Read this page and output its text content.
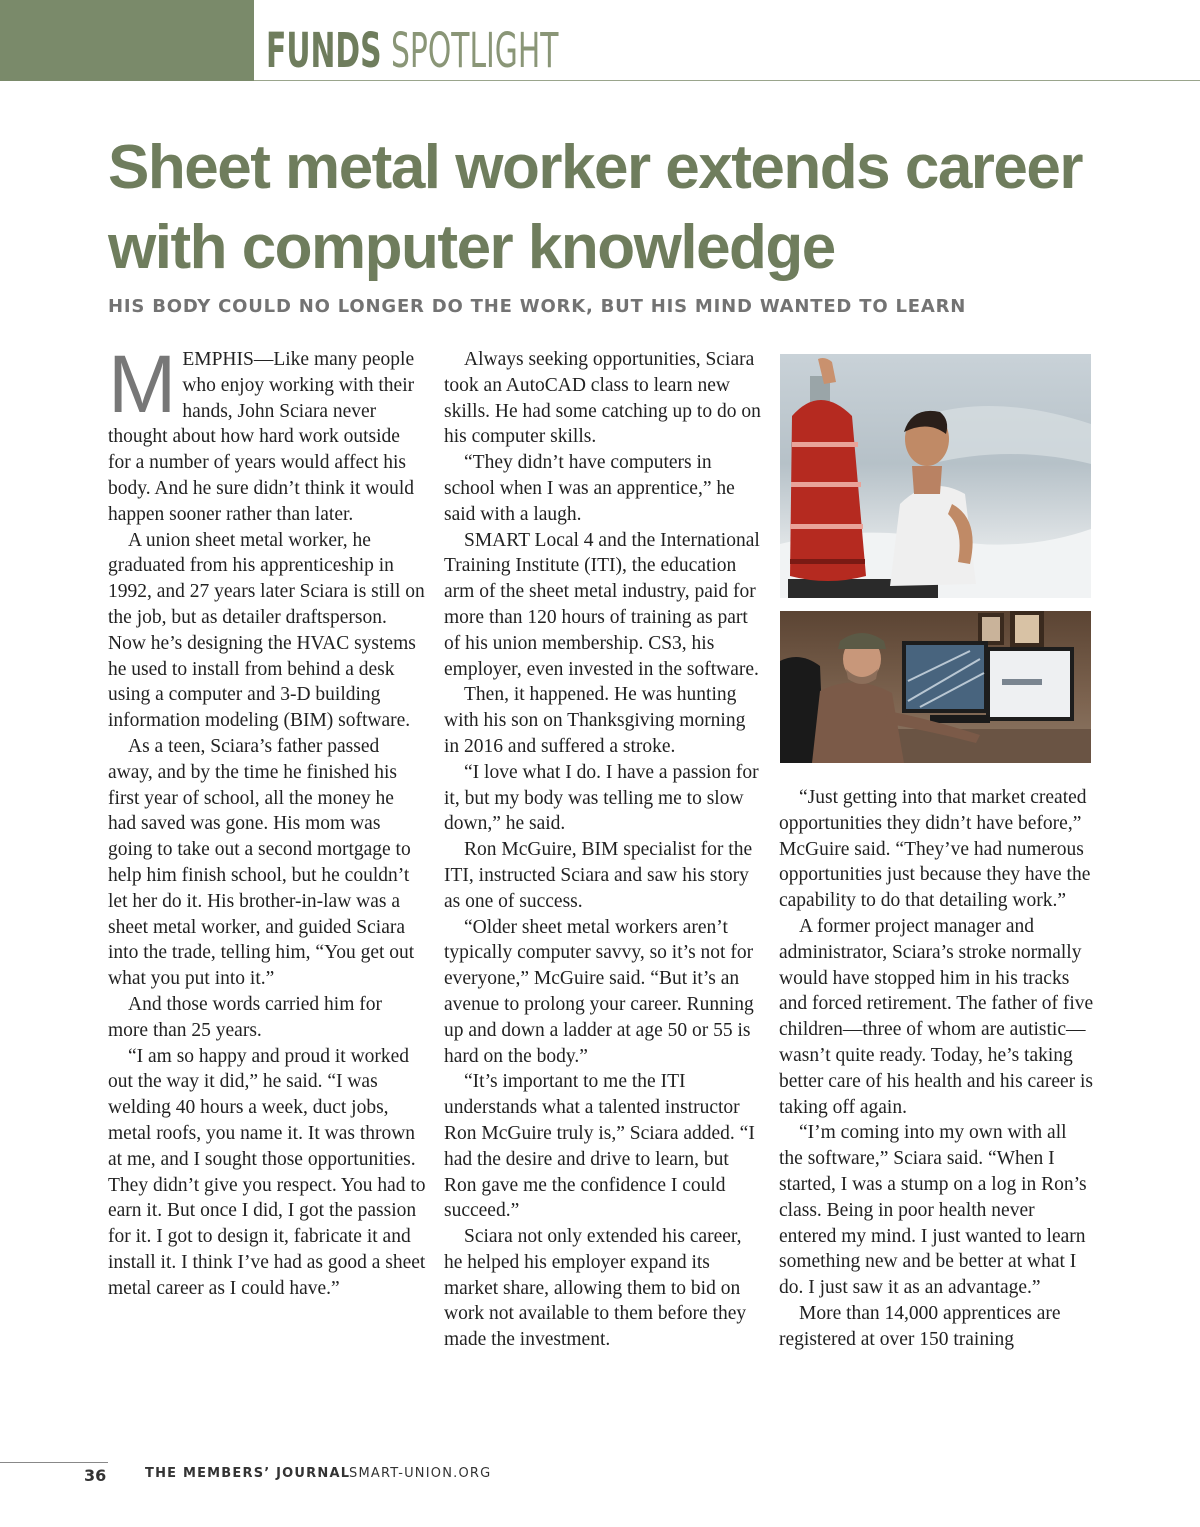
FUNDS SPOTLIGHT
Sheet metal worker extends career
with computer knowledge
HIS BODY COULD NO LONGER DO THE WORK, BUT HIS MIND WANTED TO LEARN

MEMPHIS—Like many people who enjoy working with their hands, John Sciara never thought about how hard work outside for a number of years would affect his body. And he sure didn’t think it would happen sooner rather than later.

A union sheet metal worker, he graduated from his apprenticeship in 1992, and 27 years later Sciara is still on the job, but as detailer draftsperson. Now he’s designing the HVAC systems he used to install from behind a desk using a computer and 3-D building information modeling (BIM) software.

As a teen, Sciara’s father passed away, and by the time he finished his first year of school, all the money he had saved was gone. His mom was going to take out a second mortgage to help him finish school, but he couldn’t let her do it. His brother-in-law was a sheet metal worker, and guided Sciara into the trade, telling him, “You get out what you put into it.”

And those words carried him for more than 25 years.

“I am so happy and proud it worked out the way it did,” he said. “I was welding 40 hours a week, duct jobs, metal roofs, you name it. It was thrown at me, and I sought those opportunities. They didn’t give you respect. You had to earn it. But once I did, I got the passion for it. I got to design it, fabricate it and install it. I think I’ve had as good a sheet metal career as I could have.”

Always seeking opportunities, Sciara took an AutoCAD class to learn new skills. He had some catching up to do on his computer skills.

“They didn’t have computers in school when I was an apprentice,” he said with a laugh.

SMART Local 4 and the International Training Institute (ITI), the education arm of the sheet metal industry, paid for more than 120 hours of training as part of his union membership. CS3, his employer, even invested in the software.

Then, it happened. He was hunting with his son on Thanksgiving morning in 2016 and suffered a stroke.

“I love what I do. I have a passion for it, but my body was telling me to slow down,” he said.

Ron McGuire, BIM specialist for the ITI, instructed Sciara and saw his story as one of success.

“Older sheet metal workers aren’t typically computer savvy, so it’s not for everyone,” McGuire said. “But it’s an avenue to prolong your career. Running up and down a ladder at age 50 or 55 is hard on the body.”

“It’s important to me the ITI understands what a talented instructor Ron McGuire truly is,” Sciara added. “I had the desire and drive to learn, but Ron gave me the confidence I could succeed.”

Sciara not only extended his career, he helped his employer expand its market share, allowing them to bid on work not available to them before they made the investment.

“Just getting into that market created opportunities they didn’t have before,” McGuire said. “They’ve had numerous opportunities just because they have the capability to do that detailing work.”

A former project manager and administrator, Sciara’s stroke normally would have stopped him in his tracks and forced retirement. The father of five children—three of whom are autistic—wasn’t quite ready. Today, he’s taking better care of his health and his career is taking off again.

“I’m coming into my own with all the software,” Sciara said. “When I started, I was a stump on a log in Ron’s class. Being in poor health never entered my mind. I just wanted to learn something new and be better at what I do. I just saw it as an advantage.”

More than 14,000 apprentices are registered at over 150 training

36	THE MEMBERS’ JOURNAL
SMART-UNION.ORG
